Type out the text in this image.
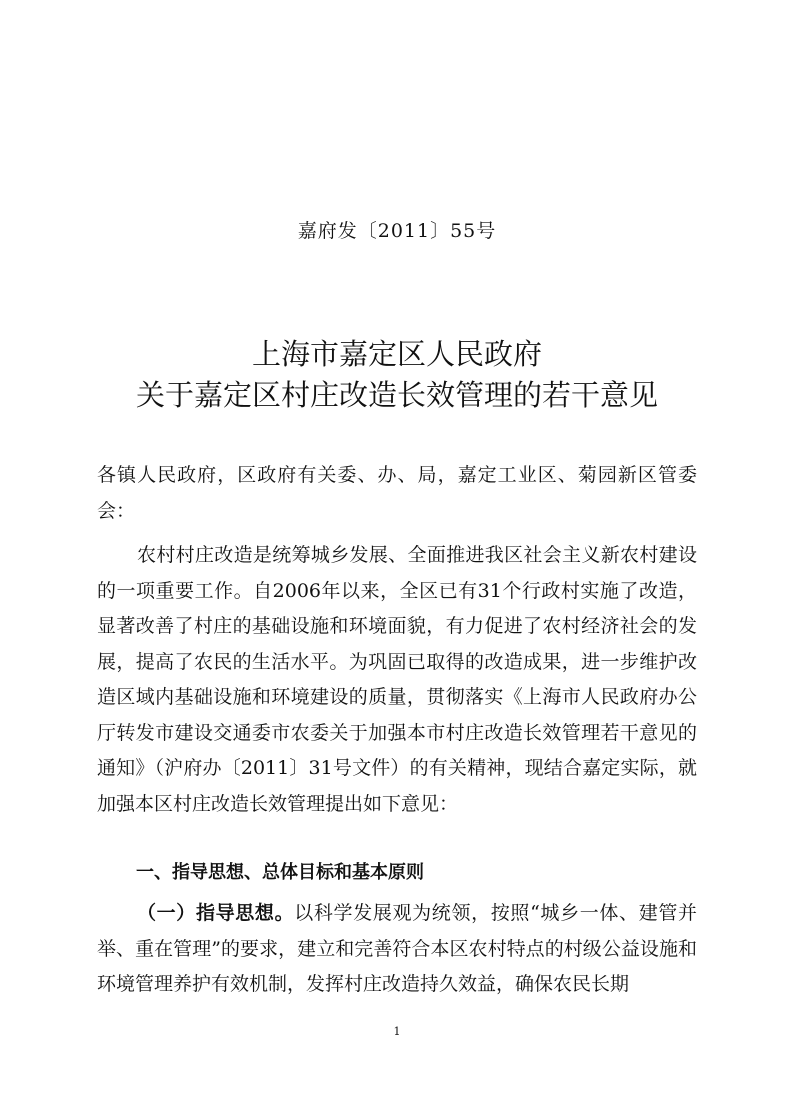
嘉府发〔2011〕55号
上海市嘉定区人民政府
关于嘉定区村庄改造长效管理的若干意见
各镇人民政府，区政府有关委、办、局，嘉定工业区、菊园新区管委会：
农村村庄改造是统筹城乡发展、全面推进我区社会主义新农村建设的一项重要工作。自2006年以来，全区已有31个行政村实施了改造，显著改善了村庄的基础设施和环境面貌，有力促进了农村经济社会的发展，提高了农民的生活水平。为巩固已取得的改造成果，进一步维护改造区域内基础设施和环境建设的质量，贯彻落实《上海市人民政府办公厅转发市建设交通委市农委关于加强本市村庄改造长效管理若干意见的通知》（沪府办〔2011〕31号文件）的有关精神，现结合嘉定实际，就加强本区村庄改造长效管理提出如下意见：
一、指导思想、总体目标和基本原则
（一）指导思想。以科学发展观为统领，按照“城乡一体、建管并举、重在管理”的要求，建立和完善符合本区农村特点的村级公益设施和环境管理养护有效机制，发挥村庄改造持久效益，确保农民长期
1
